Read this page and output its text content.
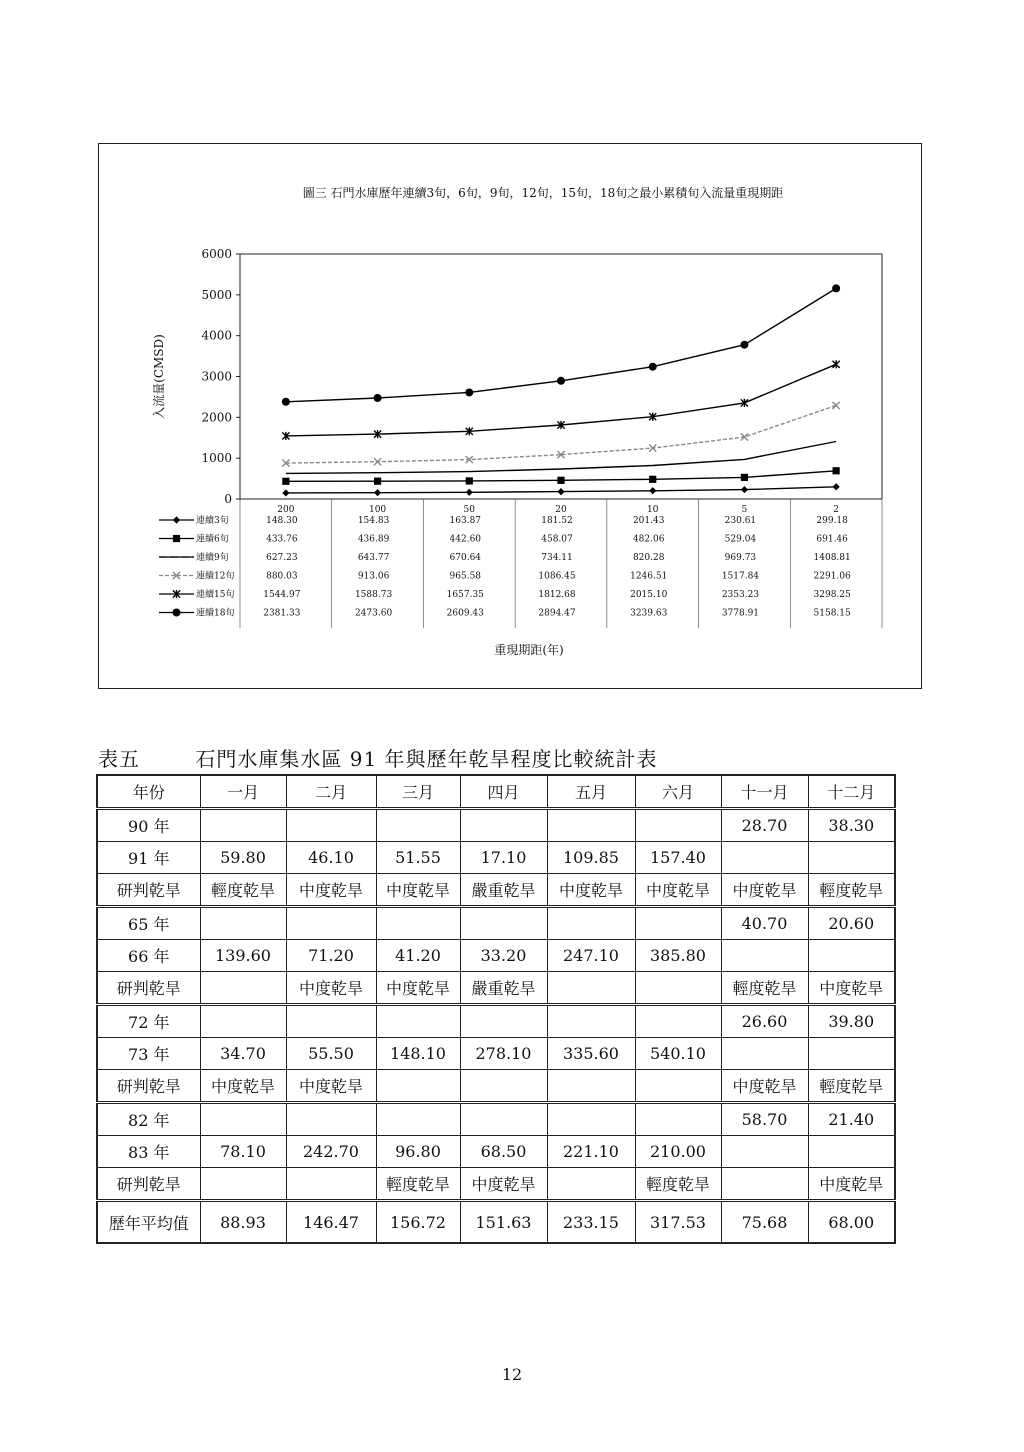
圖三 石門水庫歷年連續3旬，6旬，9旬，12旬，15旬，18旬之最小累積旬入流量重現期距
0
1000
2000
3000
4000
5000
6000
入流量(CMSD)
200	100	50	20	10	5	2
連續3旬	148.30	154.83	163.87	181.52	201.43	230.61	299.18
連續6旬	433.76	436.89	442.60	458.07	482.06	529.04	691.46
連續9旬	627.23	643.77	670.64	734.11	820.28	969.73	1408.81
連續12旬	880.03	913.06	965.58	1086.45	1246.51	1517.84	2291.06
連續15旬	1544.97	1588.73	1657.35	1812.68	2015.10	2353.23	3298.25
連續18旬	2381.33	2473.60	2609.43	2894.47	3239.63	3778.91	5158.15
重現期距(年)
表五	石門水庫集水區 91 年與歷年乾旱程度比較統計表
年份	一月	二月	三月	四月	五月	六月	十一月	十二月
90 年							28.70	38.30
91 年	59.80	46.10	51.55	17.10	109.85	157.40		
研判乾旱	輕度乾旱	中度乾旱	中度乾旱	嚴重乾旱	中度乾旱	中度乾旱	中度乾旱	輕度乾旱
65 年							40.70	20.60
66 年	139.60	71.20	41.20	33.20	247.10	385.80		
研判乾旱		中度乾旱	中度乾旱	嚴重乾旱			輕度乾旱	中度乾旱
72 年							26.60	39.80
73 年	34.70	55.50	148.10	278.10	335.60	540.10		
研判乾旱	中度乾旱	中度乾旱					中度乾旱	輕度乾旱
82 年							58.70	21.40
83 年	78.10	242.70	96.80	68.50	221.10	210.00		
研判乾旱			輕度乾旱	中度乾旱		輕度乾旱		中度乾旱
歷年平均值	88.93	146.47	156.72	151.63	233.15	317.53	75.68	68.00
12
